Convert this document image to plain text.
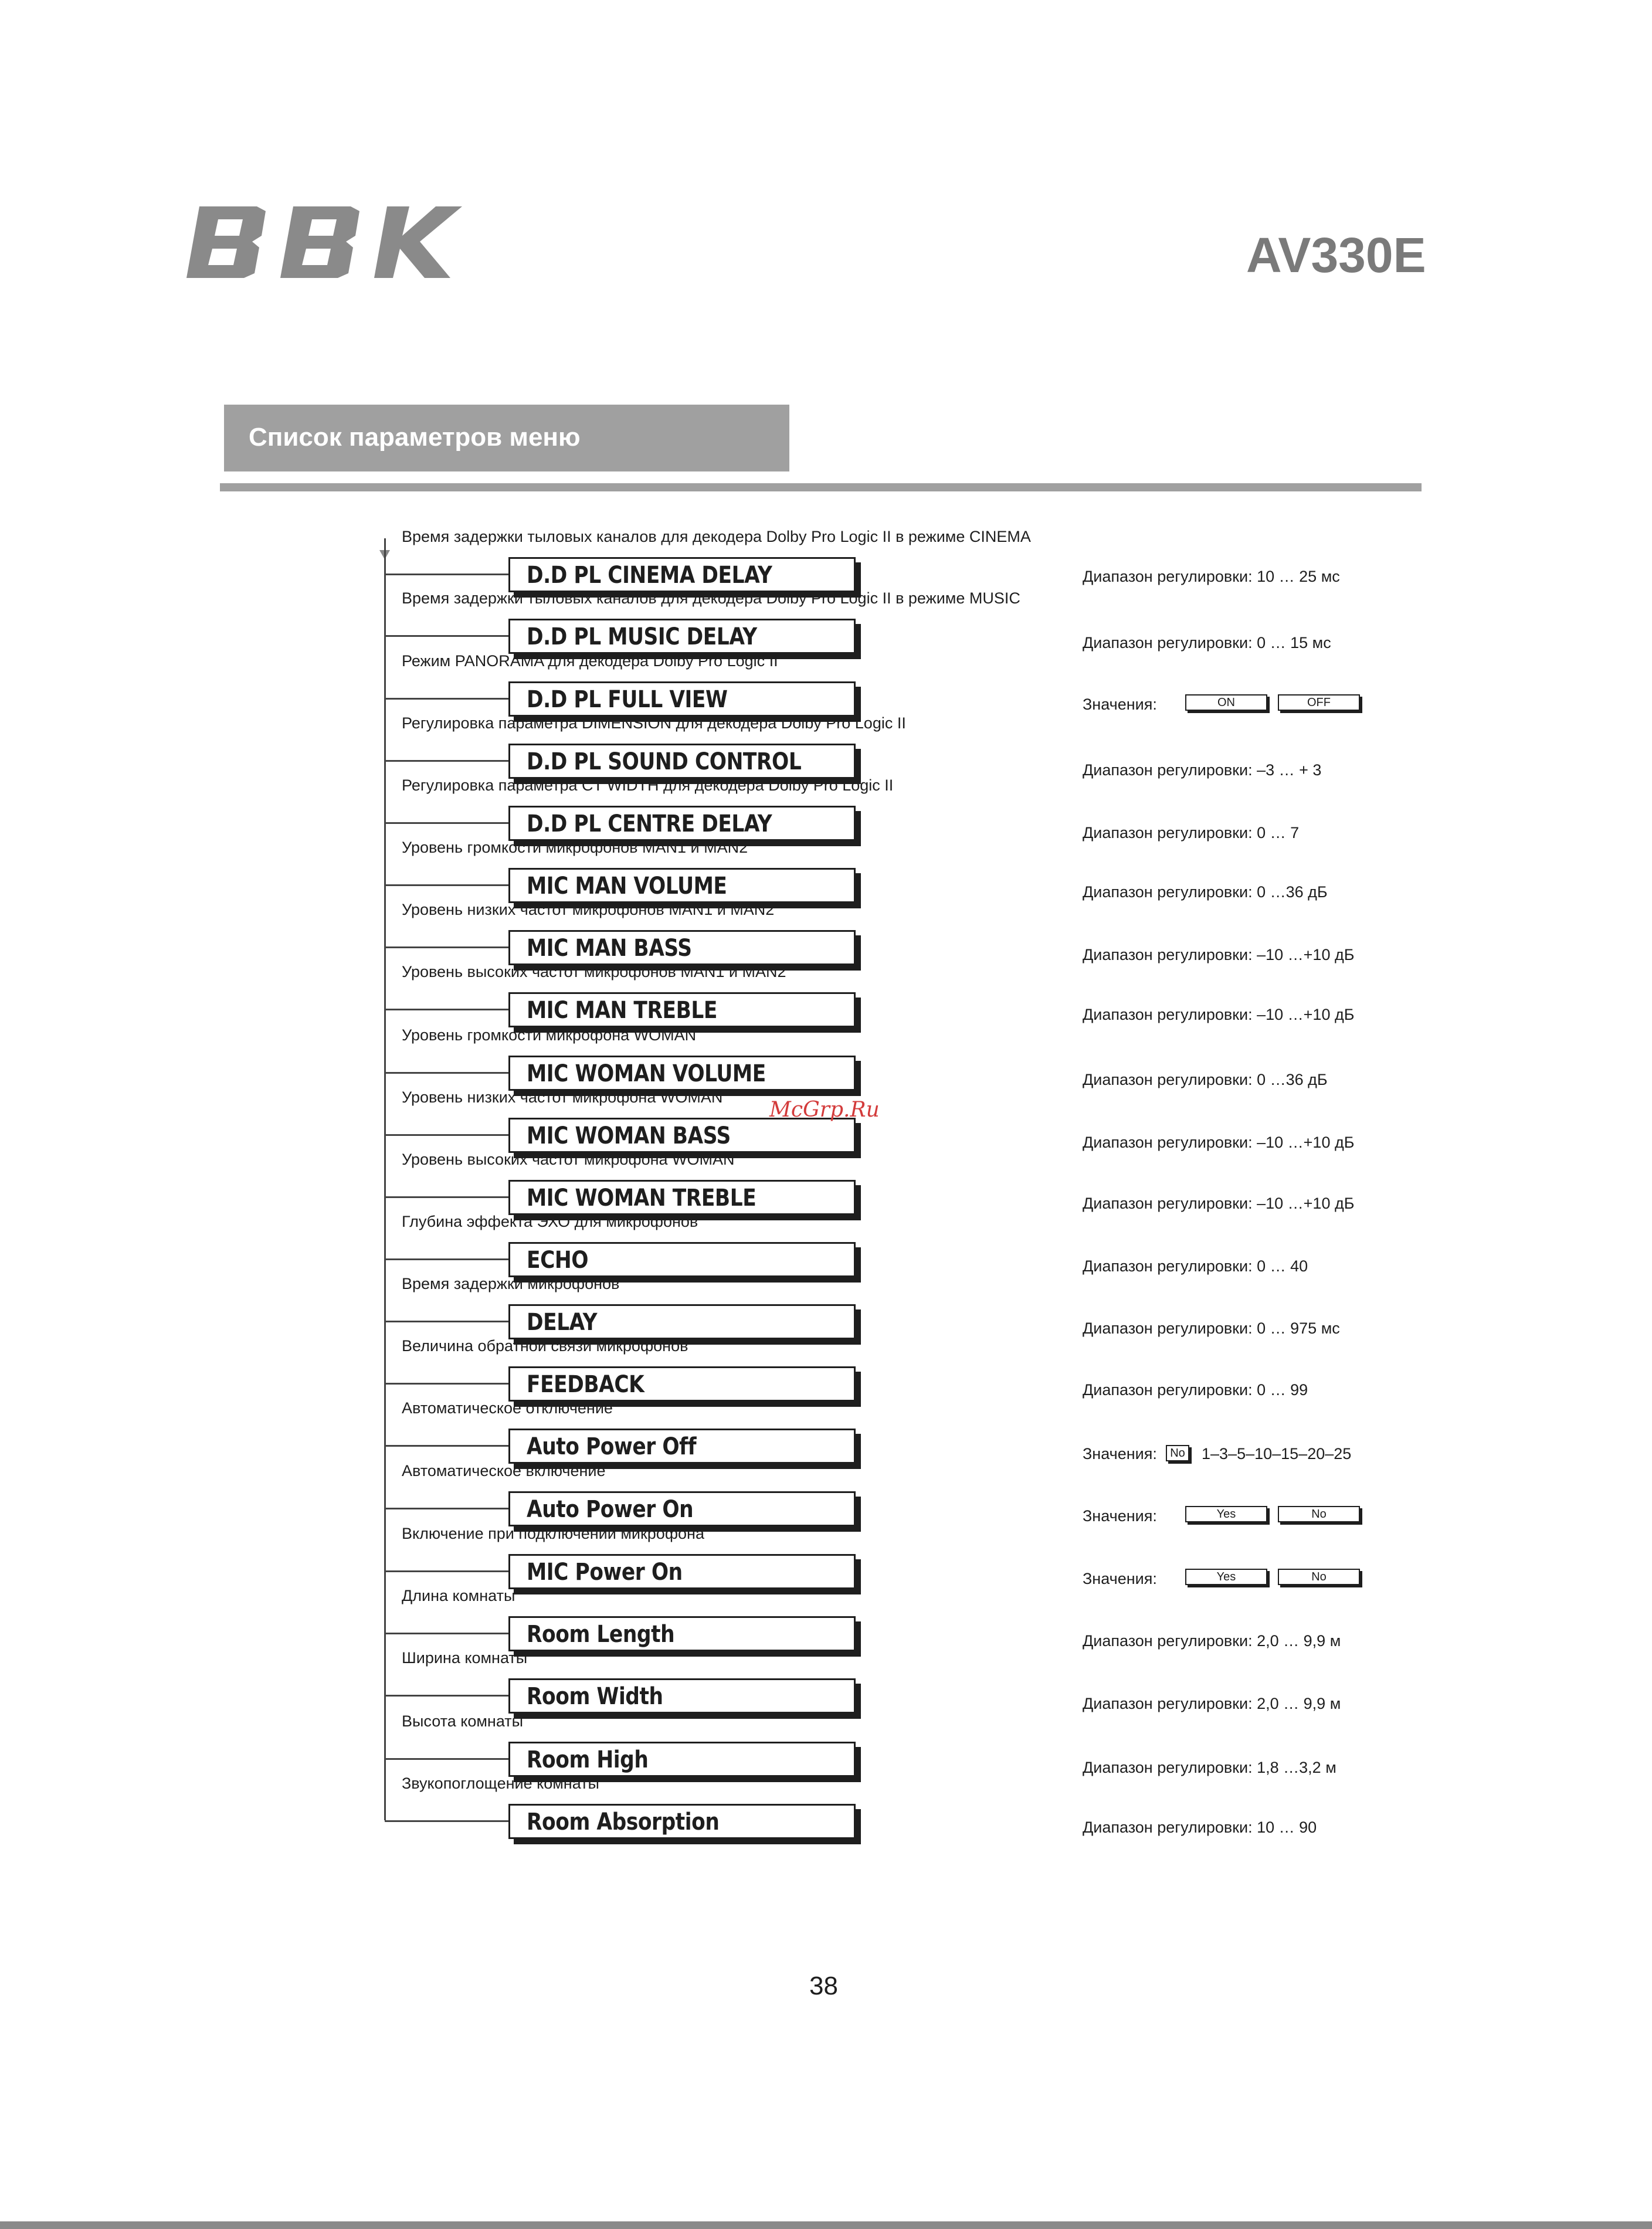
AV330E
Список параметров меню
Время задержки тыловых каналов для декодера Dolby Pro Logic II в режиме CINEMA
D.D PL CINEMA DELAY	Диапазон регулировки: 10 … 25 мс
Время задержки тыловых каналов для декодера Dolby Pro Logic II в режиме MUSIC
D.D PL MUSIC DELAY	Диапазон регулировки: 0 … 15 мс
Режим PANORAMA для декодера Dolby Pro Logic II
D.D PL FULL VIEW	Значения:	ON	OFF
Регулировка параметра DIMENSION для декодера Dolby Pro Logic II
D.D PL SOUND CONTROL	Диапазон регулировки: –3 … + 3
Регулировка параметра CT WIDTH для декодера Dolby Pro Logic II
D.D PL CENTRE DELAY	Диапазон регулировки: 0 … 7
Уровень громкости микрофонов MAN1 и MAN2
MIC MAN VOLUME	Диапазон регулировки: 0 …36 дБ
Уровень низких частот микрофонов MAN1 и MAN2
MIC MAN BASS	Диапазон регулировки: –10 …+10 дБ
Уровень высоких частот микрофонов MAN1 и MAN2
MIC MAN TREBLE	Диапазон регулировки: –10 …+10 дБ
Уровень громкости микрофона WOMAN
MIC WOMAN VOLUME	Диапазон регулировки: 0 …36 дБ
Уровень низких частот микрофона WOMAN
MIC WOMAN BASS	Диапазон регулировки: –10 …+10 дБ
Уровень высоких частот микрофона WOMAN
MIC WOMAN TREBLE	Диапазон регулировки: –10 …+10 дБ
Глубина эффекта ЭХО для микрофонов
ECHO	Диапазон регулировки: 0 … 40
Время задержки микрофонов
DELAY	Диапазон регулировки: 0 … 975 мс
Величина обратной связи микрофонов
FEEDBACK	Диапазон регулировки: 0 … 99
Автоматическое отключение
Auto Power Off	Значения:	No 1–3–5–10–15–20–25
Автоматическое включение
Auto Power On	Значения:	Yes	No
Включение при подключении микрофона
MIC Power On	Значения:	Yes	No
Длина комнаты
Room Length	Диапазон регулировки: 2,0 … 9,9 м
Ширина комнаты
Room Width	Диапазон регулировки: 2,0 … 9,9 м
Высота комнаты
Room High	Диапазон регулировки: 1,8 …3,2 м
Звукопоглощение комнаты
Room Absorption	Диапазон регулировки: 10 … 90
McGrp.Ru
38
